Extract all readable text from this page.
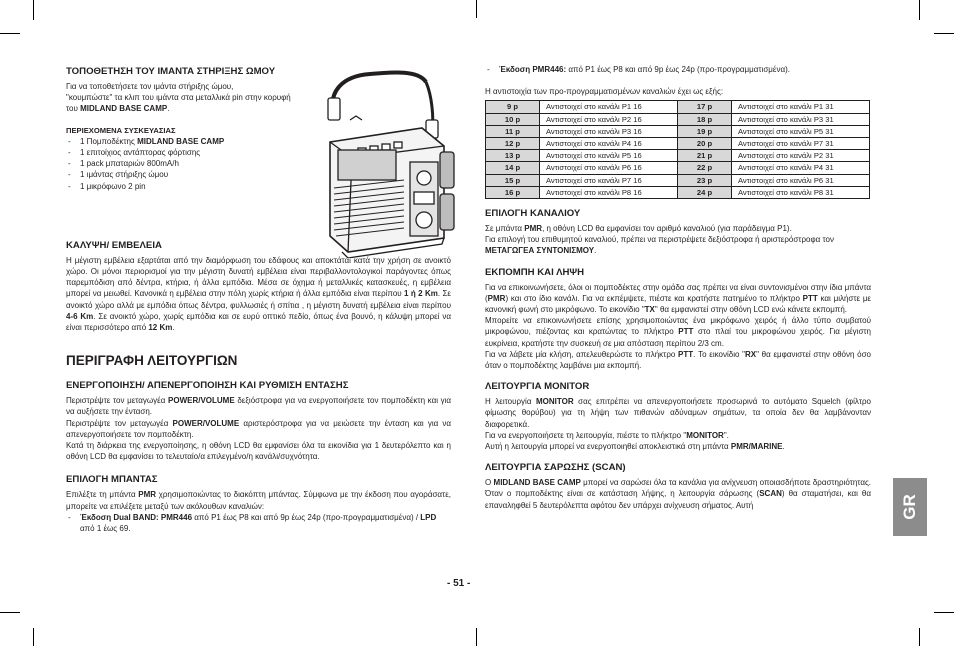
ΤΟΠΟΘΕΤΗΣΗ ΤΟΥ ΙΜΑΝΤΑ ΣΤΗΡΙΞΗΣ ΩΜΟΥ

Για να τοποθετήσετε τον ιμάντα στήριξης ώμου,

"κουμπώστε" τα κλιπ του ιμάντα στα μεταλλικά pin στην κορυφή

του MIDLAND BASE CAMP.

ΠΕΡΙΕΧΟΜΕΝΑ ΣΥΣΚΕΥΑΣΙΑΣ
- 1 Πομποδέκτης MIDLAND BASE CAMP
- 1 επιτοίχιος αντάπτορας φόρτισης
- 1 pack μπαταριών 800mA/h
- 1 ιμάντας στήριξης ώμου
- 1 μικρόφωνο 2 pin
ΚΑΛΥΨΗ/ ΕΜΒΕΛΕΙΑ

Η μέγιστη εμβέλεια εξαρτάται από την διαμόρφωση του εδάφους και αποκτάται κατά την χρήση σε ανοικτό χώρο. Οι μόνοι περιορισμοί για την μέγιστη δυνατή εμβέλεια είναι περιβαλλοντολογικοί παράγοντες όπως παρεμπόδιση από δέντρα, κτήρια, ή άλλα εμπόδια. Μέσα σε όχημα ή μεταλλικές κατασκευές, η εμβέλεια μπορεί να μειωθεί. Κανονικά η εμβέλεια στην πόλη χωρίς κτήρια ή άλλα εμπόδια είναι περίπου 1 ή 2 Km. Σε ανοικτό χώρο αλλά με εμπόδια όπως δέντρα, φυλλωσιές ή σπίτια , η μέγιστη δυνατή εμβέλεια είναι περίπου 4-6 Km. Σε ανοικτό χώρο, χωρίς εμπόδια και σε ευρύ οπτικό πεδίο, όπως ένα βουνό, η κάλυψη μπορεί να είναι περισσότερο από 12 Km.

ΠΕΡΙΓΡΑΦΗ ΛΕΙΤΟΥΡΓΙΩΝ
ΕΝΕΡΓΟΠΟΙΗΣΗ/ ΑΠΕΝΕΡΓΟΠΟΙΗΣΗ ΚΑΙ ΡΥΘΜΙΣΗ ΕΝΤΑΣΗΣ

Περιστρέψτε τον μεταγωγέα POWER/VOLUME δεξιόστροφα για να ενεργοποιήσετε τον πομποδέκτη και για να αυξήσετε την ένταση.

Περιστρέψτε τον μεταγωγέα POWER/VOLUME αριστερόστροφα για να μειώσετε την ένταση και για να απενεργοποιήσετε τον πομποδέκτη.

Κατά τη διάρκεια της ενεργοποίησης, η οθόνη LCD θα εμφανίσει όλα τα εικονίδια για 1 δευτερόλεπτο και η οθόνη LCD θα εμφανίσει το τελευταίο/α επιλεγμένο/η κανάλι/συχνότητα.

ΕΠΙΛΟΓΗ ΜΠΑΝΤΑΣ

Επιλέξτε τη μπάντα PMR χρησιμοποιώντας το διακόπτη μπάντας. Σύμφωνα με την έκδοση που αγοράσατε, μπορείτε να επιλέξετε μεταξύ των ακόλουθων καναλιών:

- Έκδοση Dual BAND: PMR446 από P1 έως P8 και από 9p έως 24p (προ-προγραμματισμένα) / LPD από 1 έως 69.
- Έκδοση PMR446: από P1 έως P8 και από 9p έως 24p (προ-προγραμματισμένα).

Η αντιστοιχία των προ-προγραμματισμένων καναλιών έχει ως εξής:

9 p	Αντιστοιχεί στο κανάλι P1 16	17 p	Αντιστοιχεί στο κανάλι P1 31
10 p	Αντιστοιχεί στο κανάλι P2 16	18 p	Αντιστοιχεί στο κανάλι P3 31
11 p	Αντιστοιχεί στο κανάλι P3 16	19 p	Αντιστοιχεί στο κανάλι P5 31
12 p	Αντιστοιχεί στο κανάλι P4 16	20 p	Αντιστοιχεί στο κανάλι P7 31
13 p	Αντιστοιχεί στο κανάλι P5 16	21 p	Αντιστοιχεί στο κανάλι P2 31
14 p	Αντιστοιχεί στο κανάλι P6 16	22 p	Αντιστοιχεί στο κανάλι P4 31
15 p	Αντιστοιχεί στο κανάλι P7 16	23 p	Αντιστοιχεί στο κανάλι P6 31
16 p	Αντιστοιχεί στο κανάλι P8 16	24 p	Αντιστοιχεί στο κανάλι P8 31
ΕΠΙΛΟΓΗ ΚΑΝΑΛΙΟΥ

Σε μπάντα PMR, η οθόνη LCD θα εμφανίσει τον αριθμό καναλιού (για παράδειγμα P1).

Για επιλογή του επιθυμητού καναλιού, πρέπει να περιστρέψετε δεξιόστροφα ή αριστερόστροφα τον ΜΕΤΑΓΩΓΕΑ ΣΥΝΤΟΝΙΣΜΟΥ.

ΕΚΠΟΜΠΗ ΚΑΙ ΛΗΨΗ

Για να επικοινωνήσετε, όλοι οι πομποδέκτες στην ομάδα σας πρέπει να είναι συντονισμένοι στην ίδια μπάντα (PMR) και στο ίδιο κανάλι. Για να εκπέμψετε, πιέστε και κρατήστε πατημένο το πλήκτρο PTT και μιλήστε με κανονική φωνή στο μικρόφωνο. Το εικονίδιο "TX" θα εμφανιστεί στην οθόνη LCD ενώ κάνετε εκπομπή.

Μπορείτε να επικοινωνήσετε επίσης χρησιμοποιώντας ένα μικρόφωνο χειρός ή άλλο τύπο συμβατού μικροφώνου, πιέζοντας και κρατώντας το πλήκτρο PTT στο πλαί του μικροφώνου χειρός. Για μέγιστη ευκρίνεια, κρατήστε την συσκευή σε μια απόσταση περίπου 2/3 cm.

Για να λάβετε μία κλήση, απελευθερώστε το πλήκτρο PTT. Το εικονίδιο "RX" θα εμφανιστεί στην οθόνη όσο όταν ο πομποδέκτης λαμβάνει μια εκπομπή.

ΛΕΙΤΟΥΡΓΙΑ MONITOR

Η λειτουργία MONITOR σας επιτρέπει να απενεργοποιήσετε προσωρινά το αυτόματο Squelch (φίλτρο φίμωσης θορύβου) για τη λήψη των πιθανών αδύναμων σημάτων, τα οποία δεν θα λαμβάνονταν διαφορετικά.

Για να ενεργοποιήσετε τη λειτουργία, πιέστε το πλήκτρο "MONITOR".

Αυτή η λειτουργία μπορεί να ενεργοποιηθεί αποκλειστικά στη μπάντα PMR/MARINE.

ΛΕΙΤΟΥΡΓΙΑ ΣΑΡΩΣΗΣ (SCAN)

Ο MIDLAND BASE CAMP μπορεί να σαρώσει όλα τα κανάλια για ανίχνευση οποιασδήποτε δραστηριότητας. Όταν ο πομποδέκτης είναι σε κατάσταση λήψης, η λειτουργία σάρωσης (SCAN) θα σταματήσει, και θα επαναληφθεί 5 δευτερόλεπτα αφότου δεν υπάρχει ανίχνευση σήματος. Αυτή

- 51 -
GR
